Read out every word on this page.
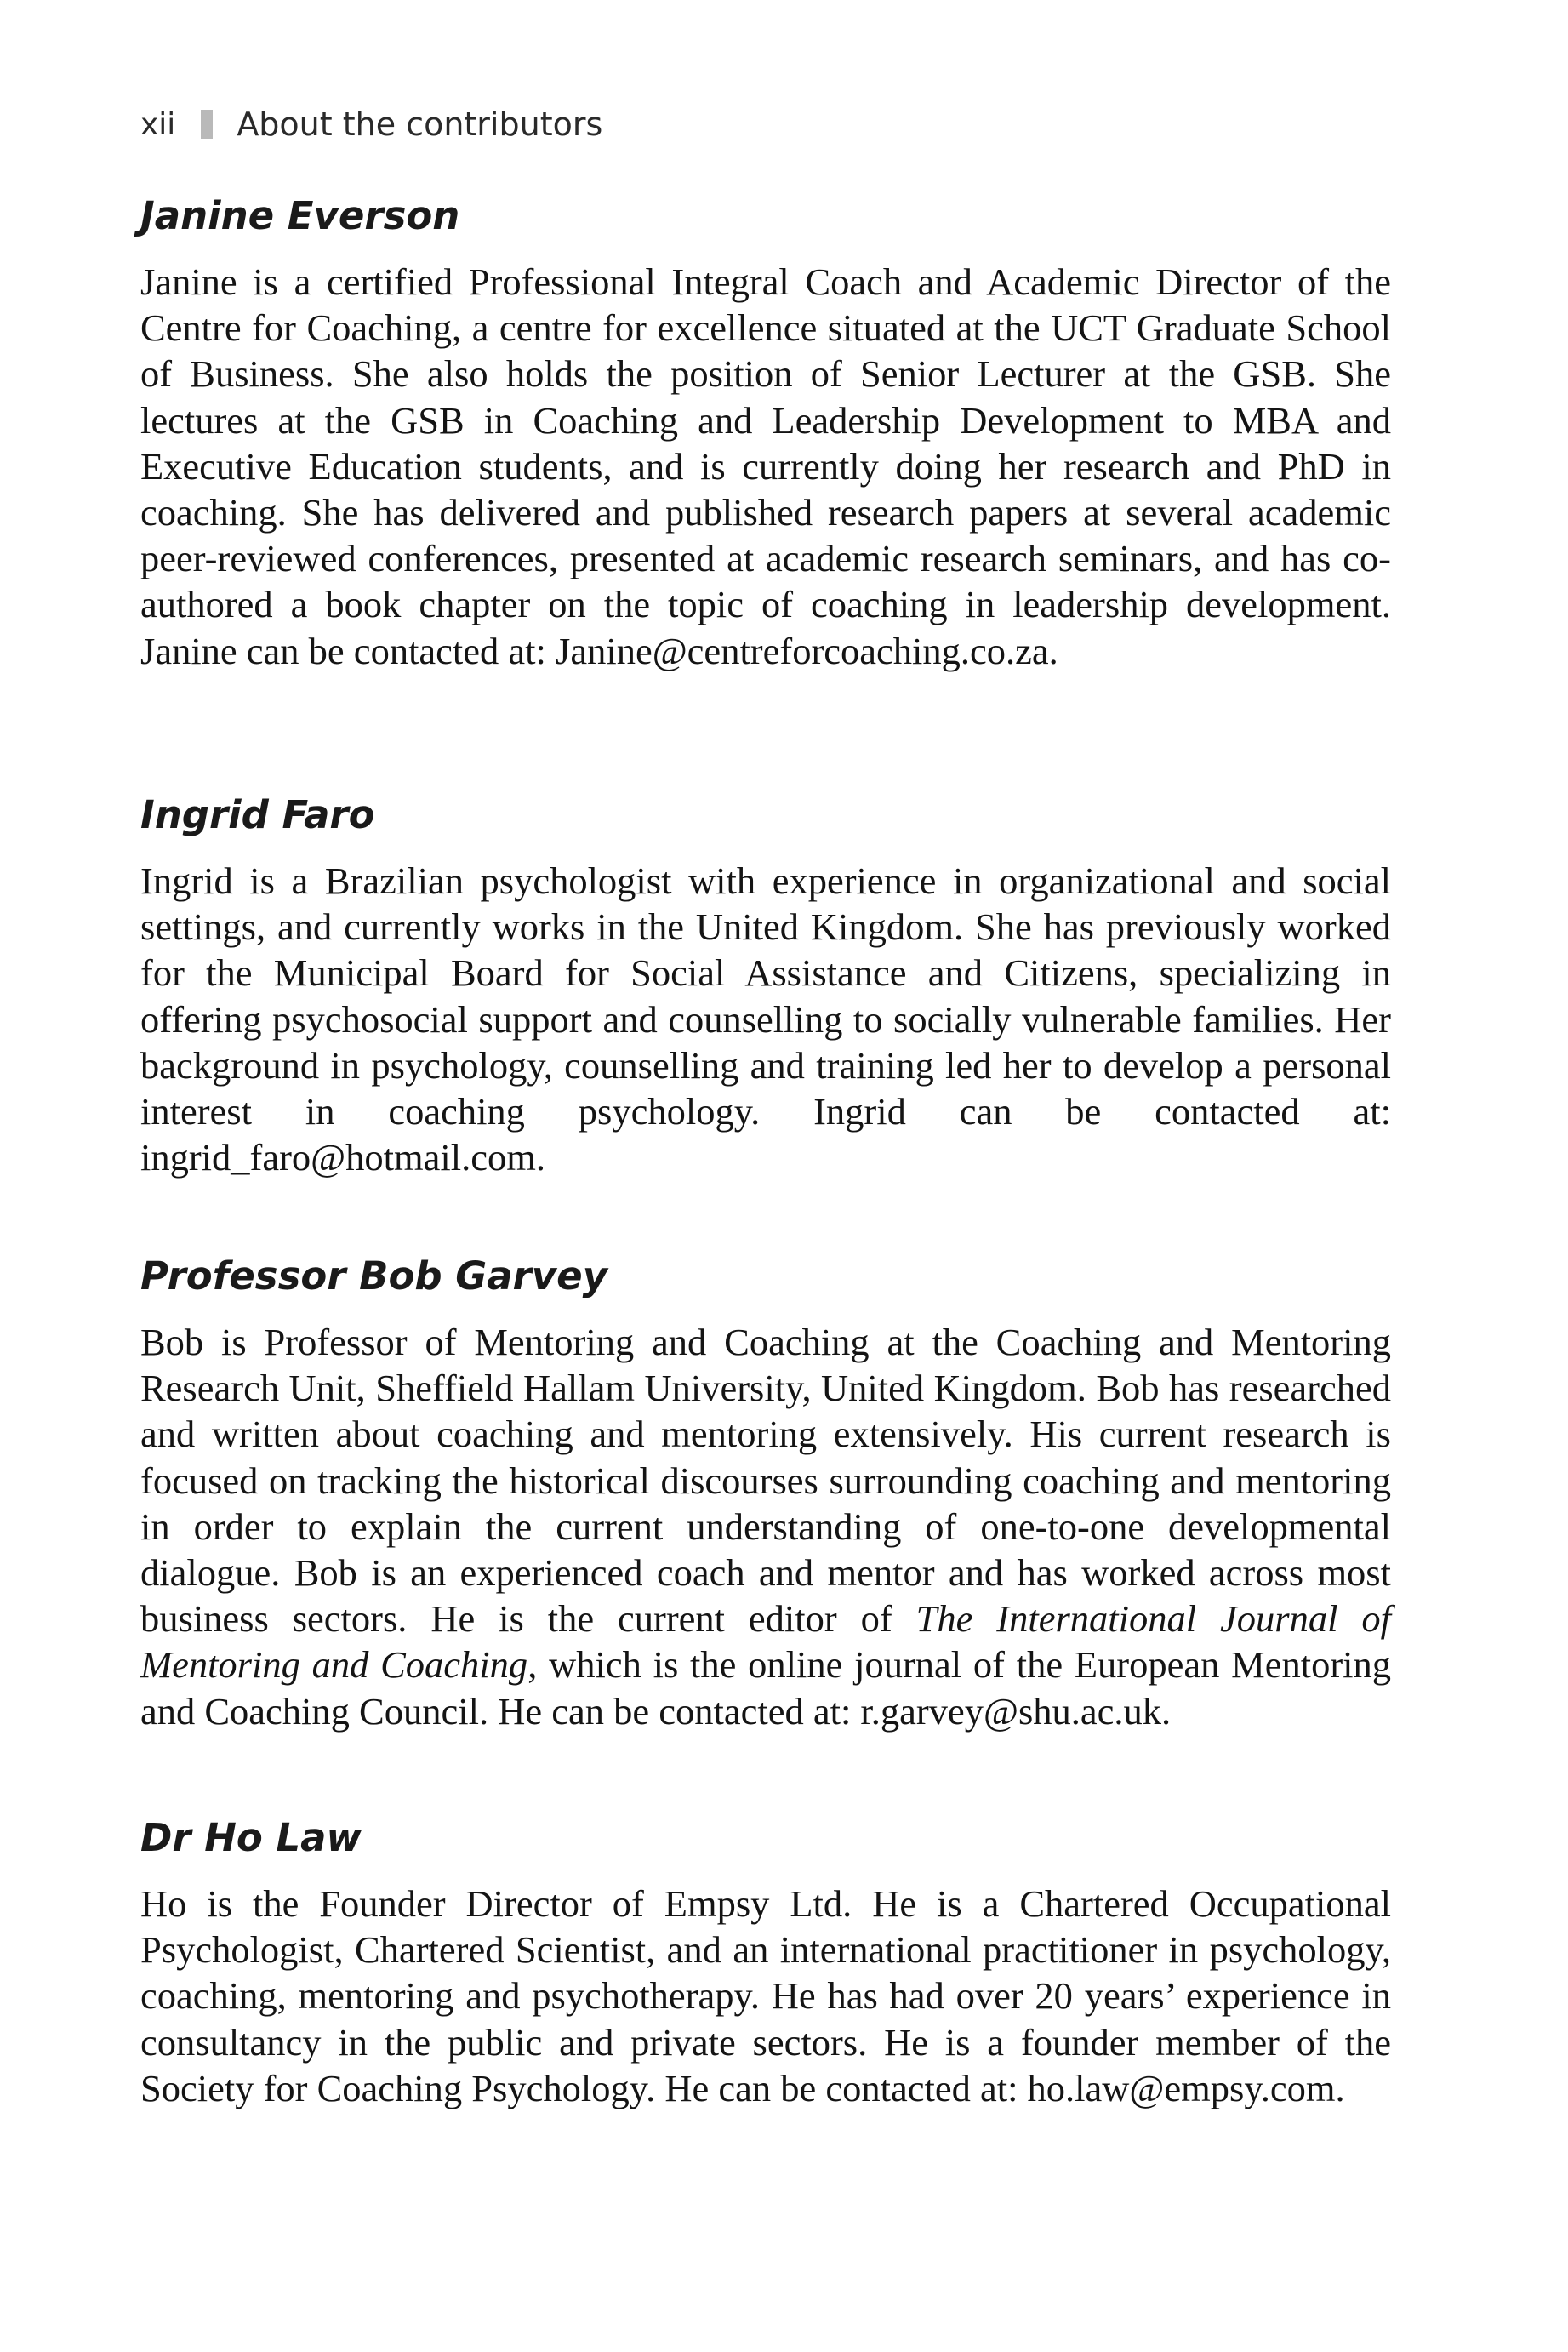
xii About the contributors
Janine Everson

Janine is a certified Professional Integral Coach and Academic Director of the Centre for Coaching, a centre for excellence situated at the UCT Graduate School of Business. She also holds the position of Senior Lecturer at the GSB. She lectures at the GSB in Coaching and Leadership Development to MBA and Executive Education students, and is currently doing her research and PhD in coaching. She has delivered and published research papers at several academic peer-reviewed conferences, presented at academic research seminars, and has co-authored a book chapter on the topic of coaching in leadership development. Janine can be contacted at: Janine@centreforcoaching.co.za.

Ingrid Faro

Ingrid is a Brazilian psychologist with experience in organizational and social settings, and currently works in the United Kingdom. She has previously worked for the Municipal Board for Social Assistance and Citizens, specializing in offering psychosocial support and counselling to socially vulnerable families. Her background in psychology, counselling and training led her to develop a personal interest in coaching psychology. Ingrid can be contacted at: ingrid_faro@hotmail.com.

Professor Bob Garvey

Bob is Professor of Mentoring and Coaching at the Coaching and Mentoring Research Unit, Sheffield Hallam University, United Kingdom. Bob has researched and written about coaching and mentoring extensively. His current research is focused on tracking the historical discourses surrounding coaching and mentoring in order to explain the current understanding of one-to-one developmental dialogue. Bob is an experienced coach and mentor and has worked across most business sectors. He is the current editor of The International Journal of Mentoring and Coaching, which is the online journal of the European Mentoring and Coaching Council. He can be contacted at: r.garvey@shu.ac.uk.

Dr Ho Law

Ho is the Founder Director of Empsy Ltd. He is a Chartered Occupational Psychologist, Chartered Scientist, and an international practitioner in psychology, coaching, mentoring and psychotherapy. He has had over 20 years’ experience in consultancy in the public and private sectors. He is a founder member of the Society for Coaching Psychology. He can be contacted at: ho.law@empsy.com.
